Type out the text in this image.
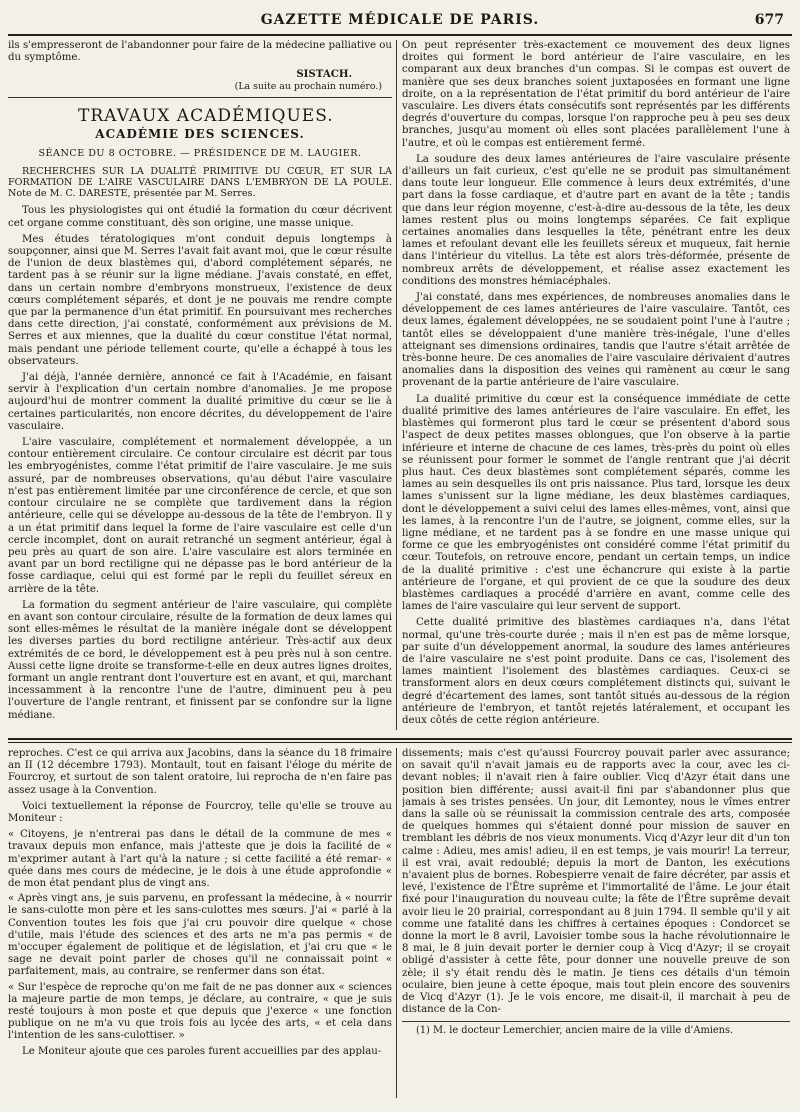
GAZETTE MÉDICALE DE PARIS.	677

ils s'empresseront de l'abandonner pour faire de la médecine palliative ou du symptôme.

SISTACH.
(La suite au prochain numéro.)
TRAVAUX ACADÉMIQUES.
ACADÉMIE DES SCIENCES.
SÉANCE DU 8 OCTOBRE. — PRÉSIDENCE DE M. LAUGIER.
RECHERCHES SUR LA DUALITÉ PRIMITIVE DU CŒUR, ET SUR LA FORMATION DE L'AIRE VASCULAIRE DANS L'EMBRYON DE LA POULE. Note de M. C. DARESTE, présentée par M. Serres.

Tous les physiologistes qui ont étudié la formation du cœur décrivent cet organe comme constituant, dès son origine, une masse unique.

Mes études tératologiques m'ont conduit depuis longtemps à soupçonner, ainsi que M. Serres l'avait fait avant moi, que le cœur résulte de l'union de deux blastèmes qui, d'abord complétement séparés, ne tardent pas à se réunir sur la ligne médiane. J'avais constaté, en effet, dans un certain nombre d'embryons monstrueux, l'existence de deux cœurs complétement séparés, et dont je ne pouvais me rendre compte que par la permanence d'un état primitif. En poursuivant mes recherches dans cette direction, j'ai constaté, conformément aux prévisions de M. Serres et aux miennes, que la dualité du cœur constitue l'état normal, mais pendant une période tellement courte, qu'elle a échappé à tous les observateurs.

J'ai déjà, l'année dernière, annoncé ce fait à l'Académie, en faisant servir à l'explication d'un certain nombre d'anomalies. Je me propose aujourd'hui de montrer comment la dualité primitive du cœur se lie à certaines particularités, non encore décrites, du développement de l'aire vasculaire.

L'aire vasculaire, complétement et normalement développée, a un contour entièrement circulaire. Ce contour circulaire est décrit par tous les embryogénistes, comme l'état primitif de l'aire vasculaire. Je me suis assuré, par de nombreuses observations, qu'au début l'aire vasculaire n'est pas entièrement limitée par une circonférence de cercle, et que son contour circulaire ne se complète que tardivement dans la région antérieure, celle qui se développe au-dessous de la tête de l'embryon. Il y a un état primitif dans lequel la forme de l'aire vasculaire est celle d'un cercle incomplet, dont on aurait retranché un segment antérieur, égal à peu près au quart de son aire. L'aire vasculaire est alors terminée en avant par un bord rectiligne qui ne dépasse pas le bord antérieur de la fosse cardiaque, celui qui est formé par le repli du feuillet séreux en arrière de la tête.

La formation du segment antérieur de l'aire vasculaire, qui complète en avant son contour circulaire, résulte de la formation de deux lames qui sont elles-mêmes le résultat de la manière inégale dont se développent les diverses parties du bord rectiligne antérieur. Très-actif aux deux extrémités de ce bord, le développement est à peu près nul à son centre. Aussi cette ligne droite se transforme-t-elle en deux autres lignes droites, formant un angle rentrant dont l'ouverture est en avant, et qui, marchant incessamment à la rencontre l'une de l'autre, diminuent peu à peu l'ouverture de l'angle rentrant, et finissent par se confondre sur la ligne médiane.

On peut représenter très-exactement ce mouvement des deux lignes droites qui forment le bord antérieur de l'aire vasculaire, en les comparant aux deux branches d'un compas. Si le compas est ouvert de manière que ses deux branches soient juxtaposées en formant une ligne droite, on a la représentation de l'état primitif du bord antérieur de l'aire vasculaire. Les divers états consécutifs sont représentés par les différents degrés d'ouverture du compas, lorsque l'on rapproche peu à peu ses deux branches, jusqu'au moment où elles sont placées parallèlement l'une à l'autre, et où le compas est entièrement fermé.

La soudure des deux lames antérieures de l'aire vasculaire présente d'ailleurs un fait curieux, c'est qu'elle ne se produit pas simultanément dans toute leur longueur. Elle commence à leurs deux extrémités, d'une part dans la fosse cardiaque, et d'autre part en avant de la tête ; tandis que dans leur région moyenne, c'est-à-dire au-dessous de la tête, les deux lames restent plus ou moins longtemps séparées. Ce fait explique certaines anomalies dans lesquelles la tête, pénétrant entre les deux lames et refoulant devant elle les feuillets séreux et muqueux, fait hernie dans l'intérieur du vitellus. La tête est alors très-déformée, présente de nombreux arrêts de développement, et réalise assez exactement les conditions des monstres hémiacéphales.

J'ai constaté, dans mes expériences, de nombreuses anomalies dans le développement de ces lames antérieures de l'aire vasculaire. Tantôt, ces deux lames, également développées, ne se soudaient point l'une à l'autre ; tantôt elles se développaient d'une manière très-inégale, l'une d'elles atteignant ses dimensions ordinaires, tandis que l'autre s'était arrêtée de très-bonne heure. De ces anomalies de l'aire vasculaire dérivaient d'autres anomalies dans la disposition des veines qui ramènent au cœur le sang provenant de la partie antérieure de l'aire vasculaire.

La dualité primitive du cœur est la conséquence immédiate de cette dualité primitive des lames antérieures de l'aire vasculaire. En effet, les blastèmes qui formeront plus tard le cœur se présentent d'abord sous l'aspect de deux petites masses oblongues, que l'on observe à la partie inférieure et interne de chacune de ces lames, très-près du point où elles se réunissent pour former le sommet de l'angle rentrant que j'ai décrit plus haut. Ces deux blastèmes sont complétement séparés, comme les lames au sein desquelles ils ont pris naissance. Plus tard, lorsque les deux lames s'unissent sur la ligne médiane, les deux blastèmes cardiaques, dont le développement a suivi celui des lames elles-mêmes, vont, ainsi que les lames, à la rencontre l'un de l'autre, se joignent, comme elles, sur la ligne médiane, et ne tardent pas à se fondre en une masse unique qui forme ce que les embryogénistes ont considéré comme l'état primitif du cœur. Toutefois, on retrouve encore, pendant un certain temps, un indice de la dualité primitive : c'est une échancrure qui existe à la partie antérieure de l'organe, et qui provient de ce que la soudure des deux blastèmes cardiaques a procédé d'arrière en avant, comme celle des lames de l'aire vasculaire qui leur servent de support.

Cette dualité primitive des blastèmes cardiaques n'a, dans l'état normal, qu'une très-courte durée ; mais il n'en est pas de même lorsque, par suite d'un développement anormal, la soudure des lames antérieures de l'aire vasculaire ne s'est point produite. Dans ce cas, l'isolement des lames maintient l'isolement des blastèmes cardiaques. Ceux-ci se transforment alors en deux cœurs complétement distincts qui, suivant le degré d'écartement des lames, sont tantôt situés au-dessous de la région antérieure de l'embryon, et tantôt rejetés latéralement, et occupant les deux côtés de cette région antérieure.

reproches. C'est ce qui arriva aux Jacobins, dans la séance du 18 frimaire an II (12 décembre 1793). Montault, tout en faisant l'éloge du mérite de Fourcroy, et surtout de son talent oratoire, lui reprocha de n'en faire pas assez usage à la Convention.

Voici textuellement la réponse de Fourcroy, telle qu'elle se trouve au Moniteur :

« Citoyens, je n'entrerai pas dans le détail de la commune de mes « travaux depuis mon enfance, mais j'atteste que je dois la facilité de « m'exprimer autant à l'art qu'à la nature ; si cette facilité a été remar- « quée dans mes cours de médecine, je le dois à une étude approfondie « de mon état pendant plus de vingt ans.
« Après vingt ans, je suis parvenu, en professant la médecine, à « nourrir le sans-culotte mon père et les sans-culottes mes sœurs. J'ai « parlé à la Convention toutes les fois que j'ai cru pouvoir dire quelque « chose d'utile, mais l'étude des sciences et des arts ne m'a pas permis « de m'occuper également de politique et de législation, et j'ai cru que « le sage ne devait point parler de choses qu'il ne connaissait point « parfaitement, mais, au contraire, se renfermer dans son état.
« Sur l'espèce de reproche qu'on me fait de ne pas donner aux « sciences la majeure partie de mon temps, je déclare, au contraire, « que je suis resté toujours à mon poste et que depuis que j'exerce « une fonction publique on ne m'a vu que trois fois au lycée des arts, « et cela dans l'intention de les sans-culottiser. »

Le Moniteur ajoute que ces paroles furent accueillies par des applau-

dissements; mais c'est qu'aussi Fourcroy pouvait parler avec assurance; on savait qu'il n'avait jamais eu de rapports avec la cour, avec les ci-devant nobles; il n'avait rien à faire oublier. Vicq d'Azyr était dans une position bien différente; aussi avait-il fini par s'abandonner plus que jamais à ses tristes pensées. Un jour, dit Lemontey, nous le vîmes entrer dans la salle où se réunissait la commission centrale des arts, composée de quelques hommes qui s'étaient donné pour mission de sauver en tremblant les débris de nos vieux monuments. Vicq d'Azyr leur dit d'un ton calme : Adieu, mes amis! adieu, il en est temps, je vais mourir! La terreur, il est vrai, avait redoublé; depuis la mort de Danton, les exécutions n'avaient plus de bornes. Robespierre venait de faire décréter, par assis et levé, l'existence de l'Être suprême et l'immortalité de l'âme. Le jour était fixé pour l'inauguration du nouveau culte; la fête de l'Être suprême devait avoir lieu le 20 prairial, correspondant au 8 juin 1794. Il semble qu'il y ait comme une fatalité dans les chiffres à certaines époques : Condorcet se donne la mort le 8 avril, Lavoisier tombe sous la hache révolutionnaire le 8 mai, le 8 juin devait porter le dernier coup à Vicq d'Azyr; il se croyait obligé d'assister à cette fête, pour donner une nouvelle preuve de son zèle; il s'y était rendu dès le matin. Je tiens ces détails d'un témoin oculaire, bien jeune à cette époque, mais tout plein encore des souvenirs de Vicq d'Azyr (1). Je le vois encore, me disait-il, il marchait à peu de distance de la Con-

(1) M. le docteur Lemerchier, ancien maire de la ville d'Amiens.
